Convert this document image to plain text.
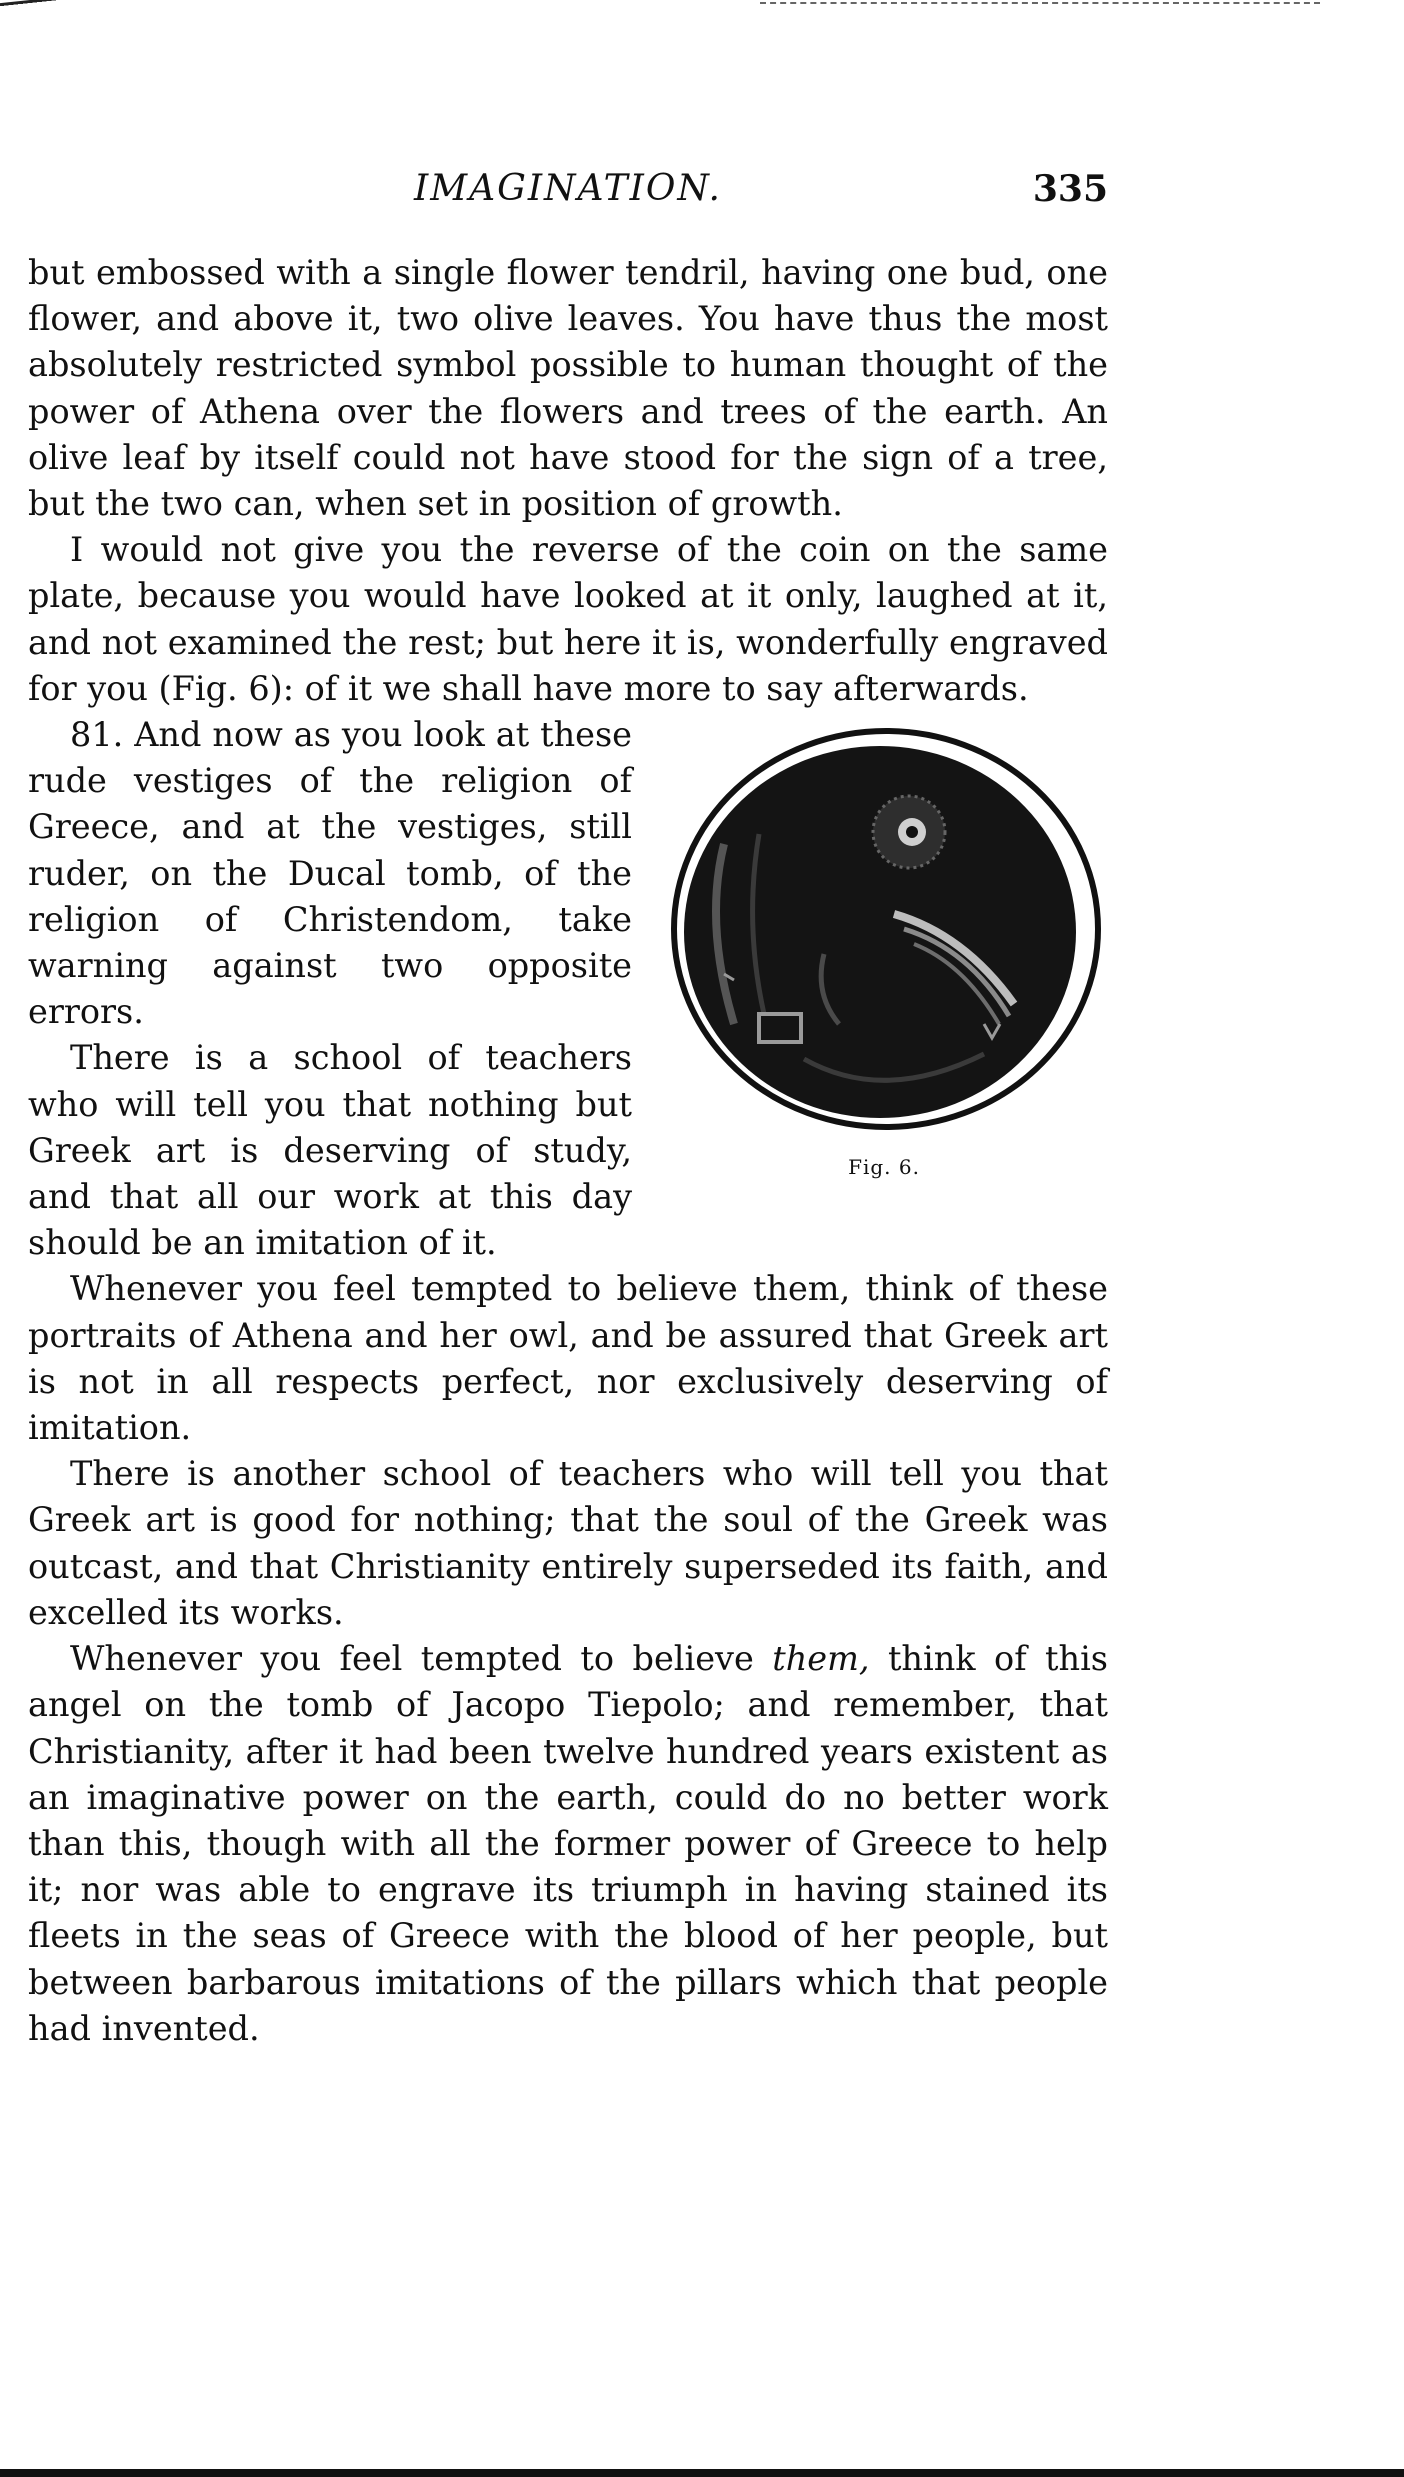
IMAGINATION.	335

but embossed with a single flower tendril, having one bud, one flower, and above it, two olive leaves. You have thus the most absolutely restricted symbol possible to human thought of the power of Athena over the flowers and trees of the earth. An olive leaf by itself could not have stood for the sign of a tree, but the two can, when set in position of growth.

I would not give you the reverse of the coin on the same plate, because you would have looked at it only, laughed at it, and not examined the rest; but here it is, wonderfully engraved for you (Fig. 6): of it we shall have more to say afterwards.

Fig. 6.

81. And now as you look at these rude vestiges of the religion of Greece, and at the vestiges, still ruder, on the Ducal tomb, of the religion of Christendom, take warning against two opposite errors.

There is a school of teachers who will tell you that nothing but Greek art is deserving of study, and that all our work at this day should be an imitation of it.

Whenever you feel tempted to believe them, think of these portraits of Athena and her owl, and be assured that Greek art is not in all respects perfect, nor exclusively deserving of imitation.

There is another school of teachers who will tell you that Greek art is good for nothing; that the soul of the Greek was outcast, and that Christianity entirely superseded its faith, and excelled its works.

Whenever you feel tempted to believe them, think of this angel on the tomb of Jacopo Tiepolo; and remember, that Christianity, after it had been twelve hundred years existent as an imaginative power on the earth, could do no better work than this, though with all the former power of Greece to help it; nor was able to engrave its triumph in having stained its fleets in the seas of Greece with the blood of her people, but between barbarous imitations of the pillars which that people had invented.
